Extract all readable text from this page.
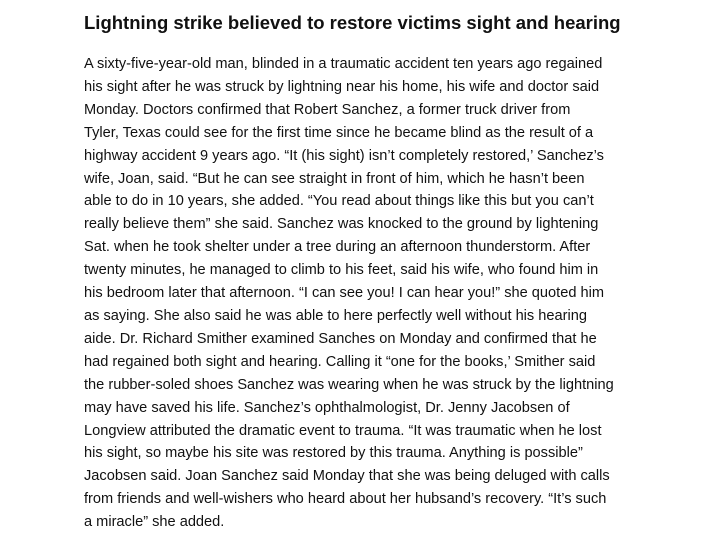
Lightning strike believed to restore victims sight and hearing
A sixty-five-year-old man, blinded in a traumatic accident ten years ago regained
his sight after he was struck by lightning near his home, his wife and doctor said
Monday. Doctors confirmed that Robert Sanchez, a former truck driver from
Tyler, Texas could see for the first time since he became blind as the result of a
highway accident 9 years ago. “It (his sight) isn’t completely restored,’ Sanchez’s
wife, Joan, said. “But he can see straight in front of him, which he hasn’t been
able to do in 10 years, she added. “You read about things like this but you can’t
really believe them” she said. Sanchez was knocked to the ground by lightening
Sat. when he took shelter under a tree during an afternoon thunderstorm. After
twenty minutes, he managed to climb to his feet, said his wife, who found him in
his bedroom later that afternoon. “I can see you! I can hear you!” she quoted him
as saying. She also said he was able to here perfectly well without his hearing
aide. Dr. Richard Smither examined Sanches on Monday and confirmed that he
had regained both sight and hearing. Calling it “one for the books,’ Smither said
the rubber-soled shoes Sanchez was wearing when he was struck by the lightning
may have saved his life. Sanchez’s ophthalmologist, Dr. Jenny Jacobsen of
Longview attributed the dramatic event to trauma. “It was traumatic when he lost
his sight, so maybe his site was restored by this trauma. Anything is possible”
Jacobsen said. Joan Sanchez said Monday that she was being deluged with calls
from friends and well-wishers who heard about her hubsand’s recovery. “It’s such
a miracle” she added.
